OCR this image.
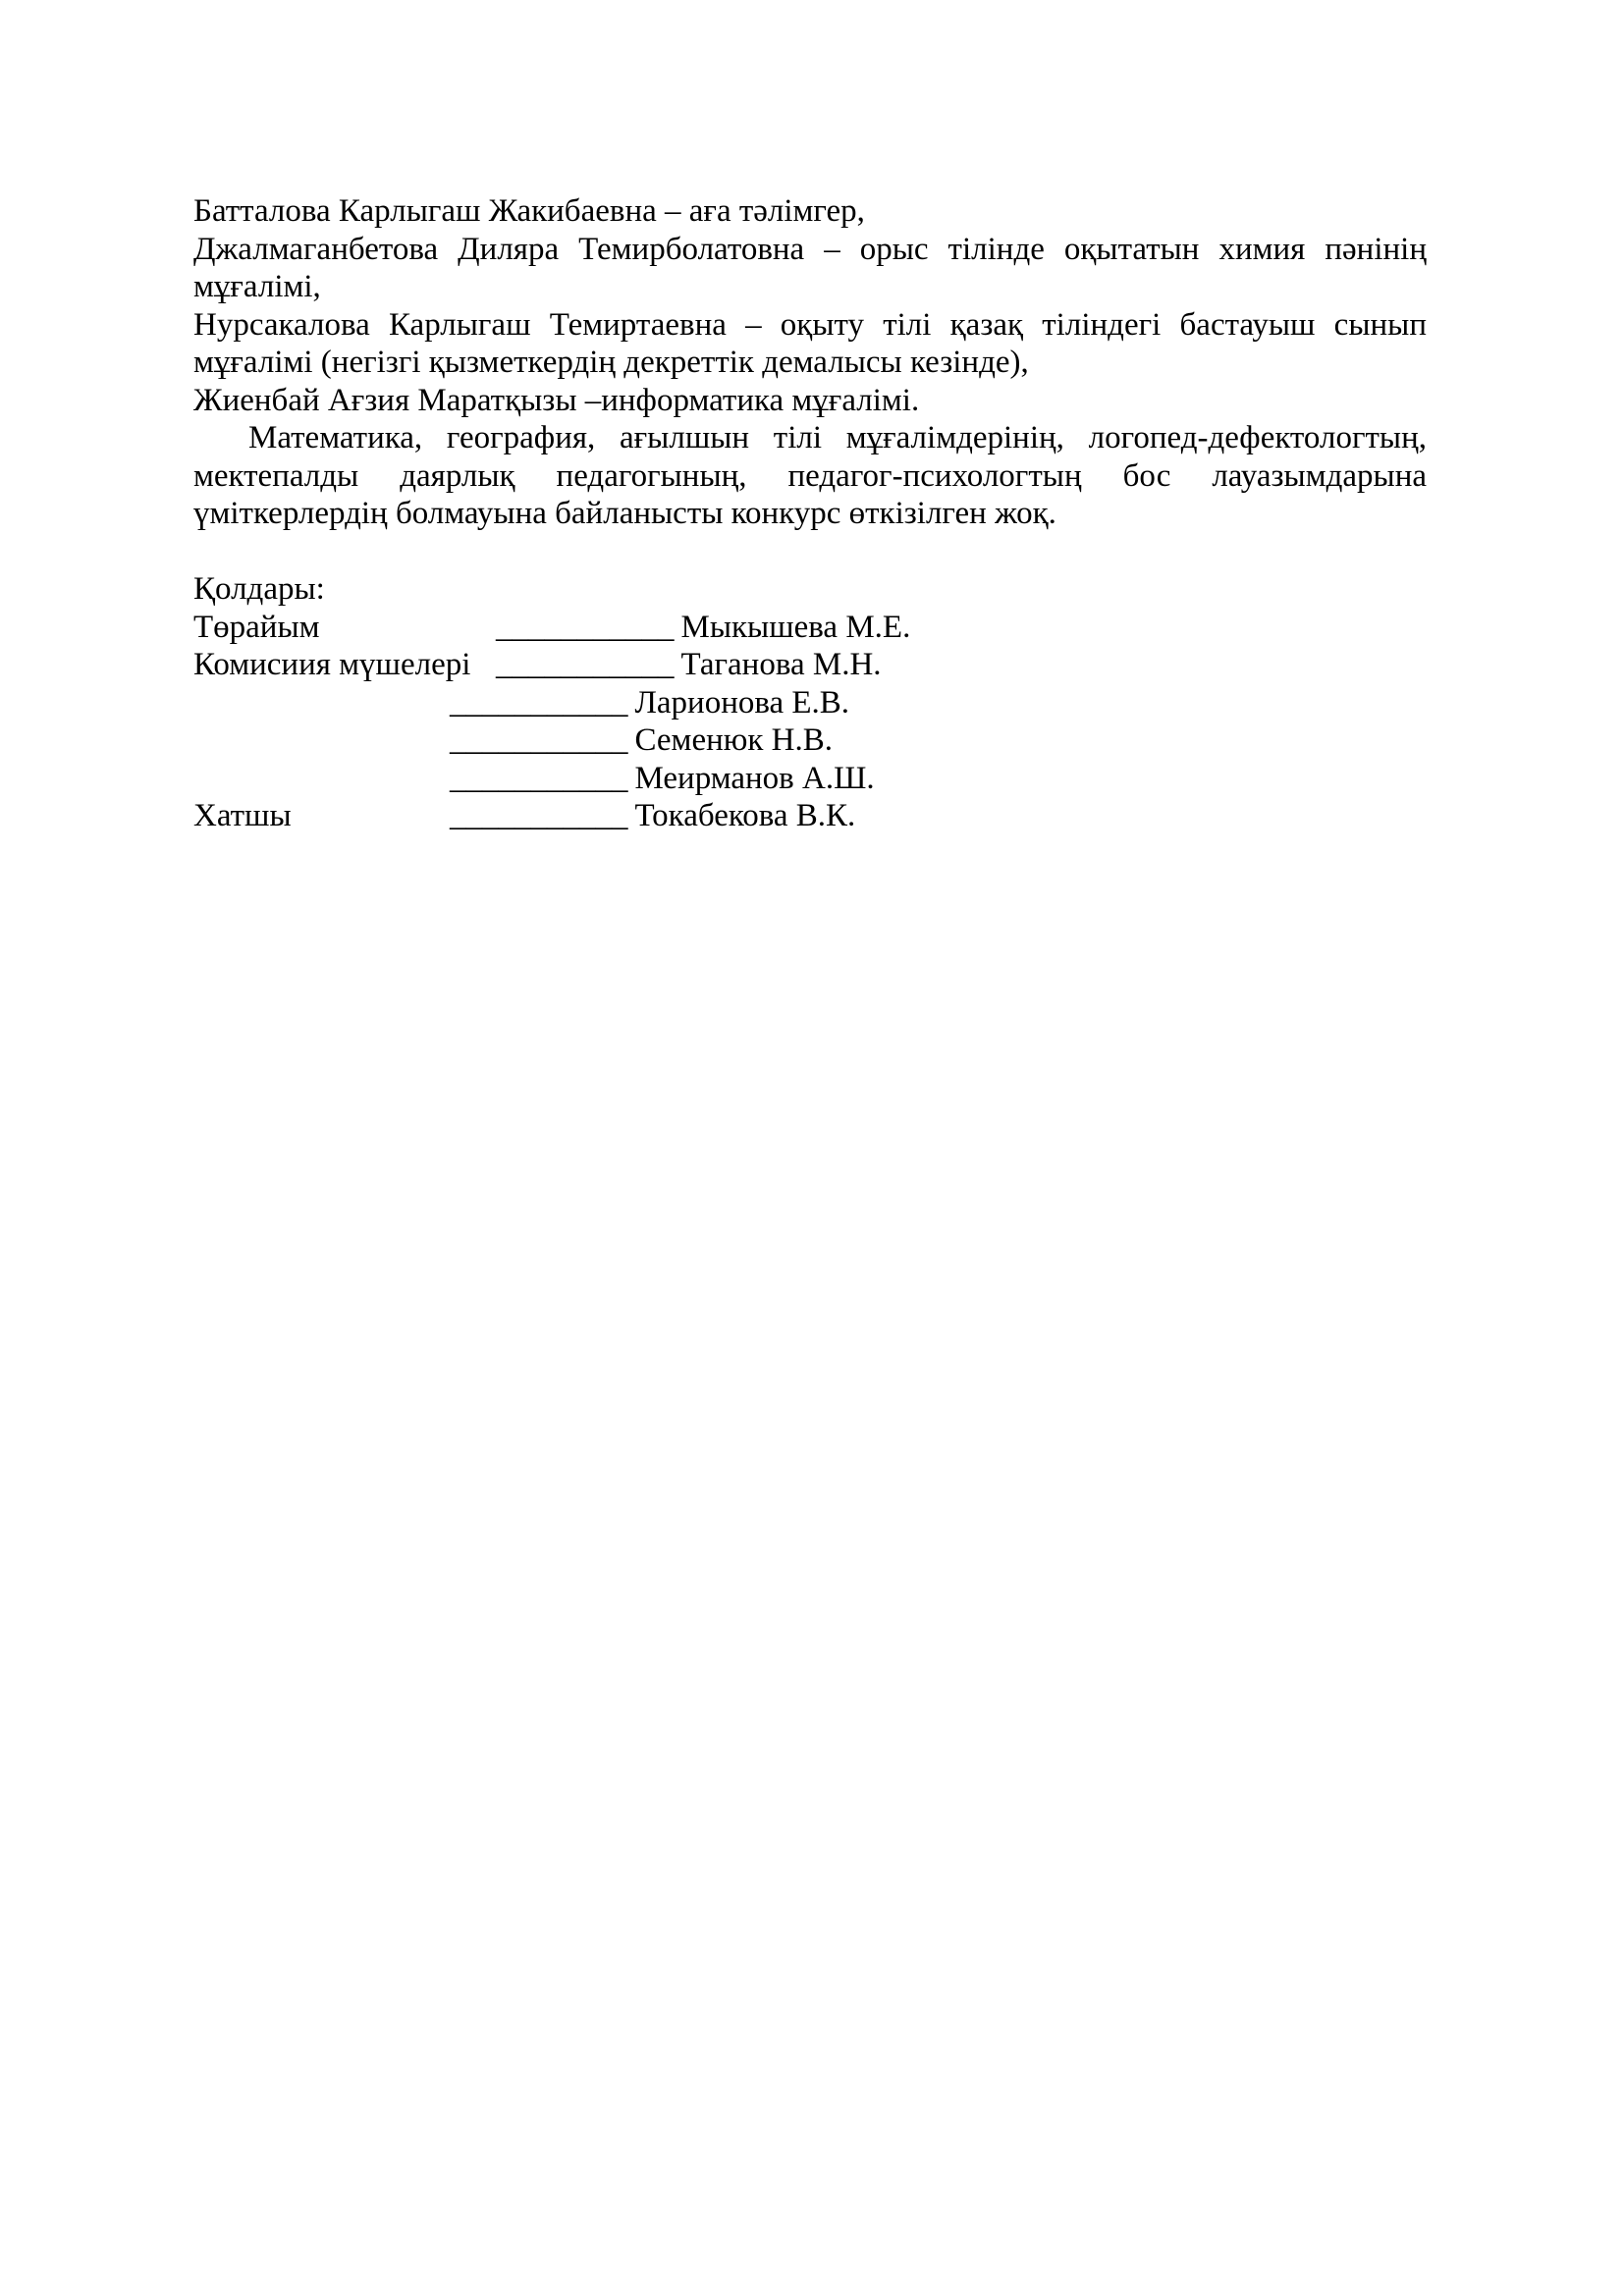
Батталова Карлыгаш Жакибаевна – аға тәлімгер,
Джалмаганбетова Диляра Темирболатовна – орыс тілінде оқытатын химия пәнінің
мұғалімі,
Нурсакалова Карлыгаш Темиртаевна – оқыту тілі қазақ тіліндегі бастауыш сынып
мұғалімі (негізгі қызметкердің декреттік демалысы кезінде),
Жиенбай Ағзия Маратқызы –информатика мұғалімі.
Математика, география, ағылшын тілі мұғалімдерінің, логопед-дефектологтың,
мектепалды даярлық педагогының, педагог-психологтың бос лауазымдарына
үміткерлердің болмауына байланысты конкурс өткізілген жоқ.
Қолдары:
Төрайым	___________ Мыкышева М.Е.
Комисиия мүшелері ___________ Таганова М.Н.
___________ Ларионова Е.В.
___________ Семенюк Н.В.
___________ Меирманов А.Ш.
Хатшы	___________ Токабекова В.К.
